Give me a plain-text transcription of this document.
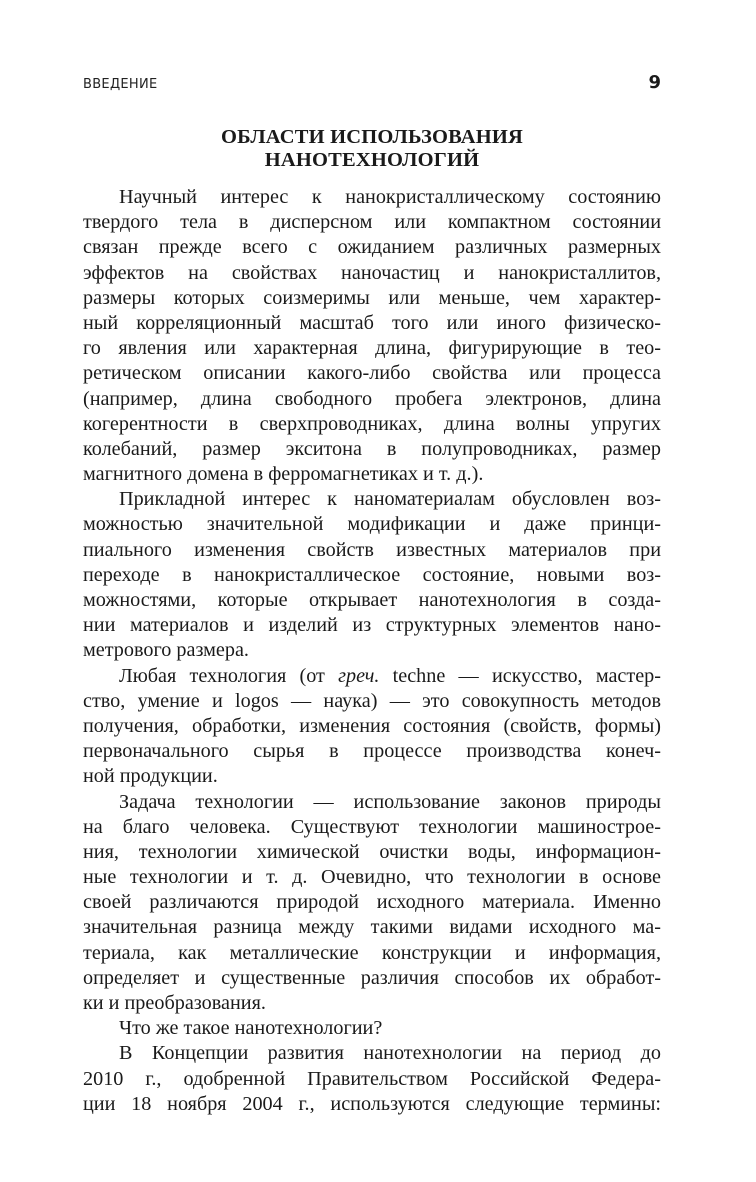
ВВЕДЕНИЕ	9
ОБЛАСТИ ИСПОЛЬЗОВАНИЯ
НАНОТЕХНОЛОГИЙ
Научный интерес к нанокристаллическому состоянию
твердого тела в дисперсном или компактном состоянии
связан прежде всего с ожиданием различных размерных
эффектов на свойствах наночастиц и нанокристаллитов,
размеры которых соизмеримы или меньше, чем характер-
ный корреляционный масштаб того или иного физическо-
го явления или характерная длина, фигурирующие в тео-
ретическом описании какого-либо свойства или процесса
(например, длина свободного пробега электронов, длина
когерентности в сверхпроводниках, длина волны упругих
колебаний, размер экситона в полупроводниках, размер
магнитного домена в ферромагнетиках и т. д.).
Прикладной интерес к наноматериалам обусловлен воз-
можностью значительной модификации и даже принци-
пиального изменения свойств известных материалов при
переходе в нанокристаллическое состояние, новыми воз-
можностями, которые открывает нанотехнология в созда-
нии материалов и изделий из структурных элементов нано-
метрового размера.
Любая технология (от греч. techne — искусство, мастер-
ство, умение и logos — наука) — это совокупность методов
получения, обработки, изменения состояния (свойств, формы)
первоначального сырья в процессе производства конеч-
ной продукции.
Задача технологии — использование законов природы
на благо человека. Существуют технологии машинострое-
ния, технологии химической очистки воды, информацион-
ные технологии и т. д. Очевидно, что технологии в основе
своей различаются природой исходного материала. Именно
значительная разница между такими видами исходного ма-
териала, как металлические конструкции и информация,
определяет и существенные различия способов их обработ-
ки и преобразования.
Что же такое нанотехнологии?
В Концепции развития нанотехнологии на период до
2010 г., одобренной Правительством Российской Федера-
ции 18 ноября 2004 г., используются следующие термины:
